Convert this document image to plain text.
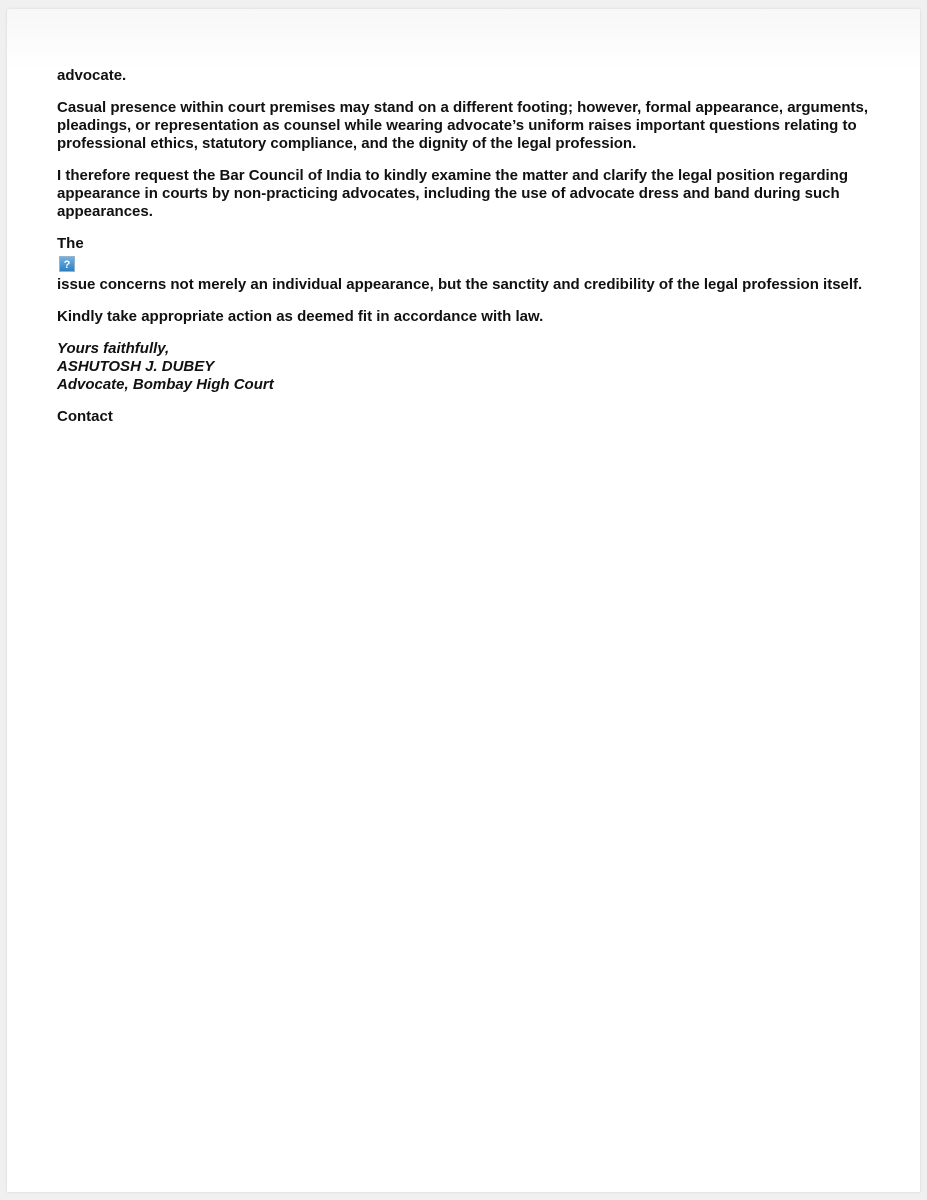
advocate.

Casual presence within court premises may stand on a different footing; however, formal appearance, arguments, pleadings, or representation as counsel while wearing advocate’s uniform raises important questions relating to professional ethics, statutory compliance, and the dignity of the legal profession.

I therefore request the Bar Council of India to kindly examine the matter and clarify the legal position regarding appearance in courts by non-practicing advocates, including the use of advocate dress and band during such appearances.

The

?

issue concerns not merely an individual appearance, but the sanctity and credibility of the legal profession itself.

Kindly take appropriate action as deemed fit in accordance with law.

Yours faithfully,
ASHUTOSH J. DUBEY
Advocate, Bombay High Court
Contact
